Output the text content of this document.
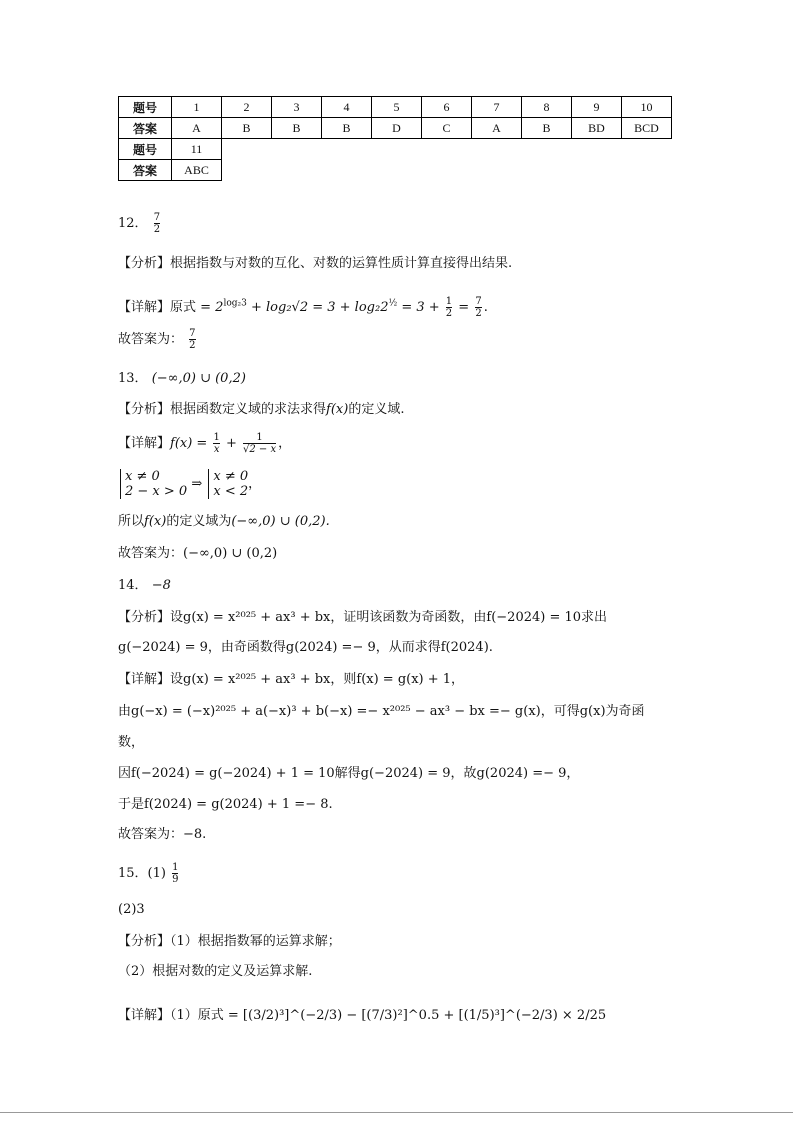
题号	1	2	3	4	5	6	7	8	9	10
答案	A	B	B	B	D	C	A	B	BD	BCD
题号	11									
答案	ABC									
12． $\frac{7}{2}$
【分析】根据指数与对数的互化、对数的运算性质计算直接得出结果.
【详解】原式 = $2^{log_23} + \log_2√2 = 3 + \log_22^{\frac{1}{2}} = 3 + \frac{1}{2} = \frac{7}{2}$ .
故答案为： $\frac{7}{2}$
13． (−∞,0) ∪ (0,2)
【分析】根据函数定义域的求法求得f(x)的定义域.
【详解】$f(x) = \frac{1}{x} + \frac{1}{√2 - x}$ ，
x ≠ 0
2 − x > 0 ⇒ x ≠ 0
x < 2 ，
所以f(x)的定义域为(−∞,0) ∪ (0,2).
故答案为：(−∞,0) ∪ (0,2)
14． −8
【分析】设g(x) = x²⁰²⁵ + ax³ + bx，证明该函数为奇函数，由f(−2024) = 10求出
g(−2024) = 9，由奇函数得g(2024) =− 9，从而求得f(2024).
【详解】设g(x) = x²⁰²⁵ + ax³ + bx，则f(x) = g(x) + 1，
由g(−x) = (−x)²⁰²⁵ + a(−x)³ + b(−x) =− x²⁰²⁵ − ax³ − bx =− g(x)，可得g(x)为奇函
数，
因f(−2024) = g(−2024) + 1 = 10解得g(−2024) = 9，故g(2024) =− 9，
于是f(2024) = g(2024) + 1 =− 8.
故答案为：−8.
15．$(1) \frac{1}{9}$
(2)3
【分析】（1）根据指数幂的运算求解；
（2）根据对数的定义及运算求解.
【详解】（1）原式 = [(3/2)³]^(−2/3) − [(7/3)²]^0.5 + [(1/5)³]^(−2/3) × 2/25
